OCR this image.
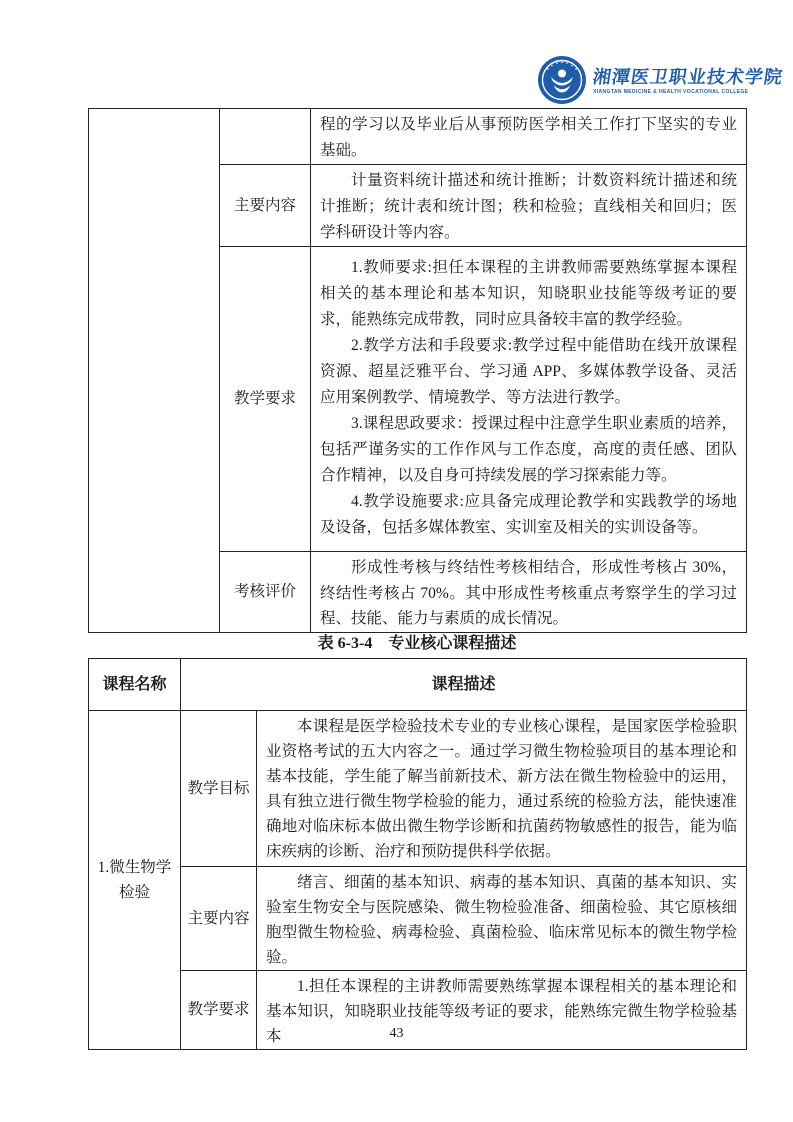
湘潭医卫职业技术学院
XIANGTAN MEDICINE & HEALTH VOCATIONAL COLLEGE

		程的学习以及毕业后从事预防医学相关工作打下坚实的专业基础。

	主要内容	计量资料统计描述和统计推断；计数资料统计描述和统计推断；统计表和统计图；秩和检验；直线相关和回归；医学科研设计等内容。

	教学要求	1.教师要求:担任本课程的主讲教师需要熟练掌握本课程相关的基本理论和基本知识，知晓职业技能等级考证的要求，能熟练完成带教，同时应具备较丰富的教学经验。

2.教学方法和手段要求:教学过程中能借助在线开放课程资源、超星泛雅平台、学习通 APP、多媒体教学设备、灵活应用案例教学、情境教学、等方法进行教学。

3.课程思政要求：授课过程中注意学生职业素质的培养，包括严谨务实的工作作风与工作态度，高度的责任感、团队合作精神，以及自身可持续发展的学习探索能力等。

4.教学设施要求:应具备完成理论教学和实践教学的场地及设备，包括多媒体教室、实训室及相关的实训设备等。

	考核评价	形成性考核与终结性考核相结合，形成性考核占 30%，终结性考核占 70%。其中形成性考核重点考察学生的学习过程、技能、能力与素质的成长情况。

表 6-3-4　专业核心课程描述
课程名称	课程描述	
1.微生物学检验	教学目标	本课程是医学检验技术专业的专业核心课程，是国家医学检验职业资格考试的五大内容之一。通过学习微生物检验项目的基本理论和基本技能，学生能了解当前新技术、新方法在微生物检验中的运用，具有独立进行微生物学检验的能力，通过系统的检验方法，能快速准确地对临床标本做出微生物学诊断和抗菌药物敏感性的报告，能为临床疾病的诊断、治疗和预防提供科学依据。

	主要内容	绪言、细菌的基本知识、病毒的基本知识、真菌的基本知识、实验室生物安全与医院感染、微生物检验准备、细菌检验、其它原核细胞型微生物检验、病毒检验、真菌检验、临床常见标本的微生物学检验。

	教学要求	1.担任本课程的主讲教师需要熟练掌握本课程相关的基本理论和基本知识，知晓职业技能等级考证的要求，能熟练完微生物学检验基本	43
